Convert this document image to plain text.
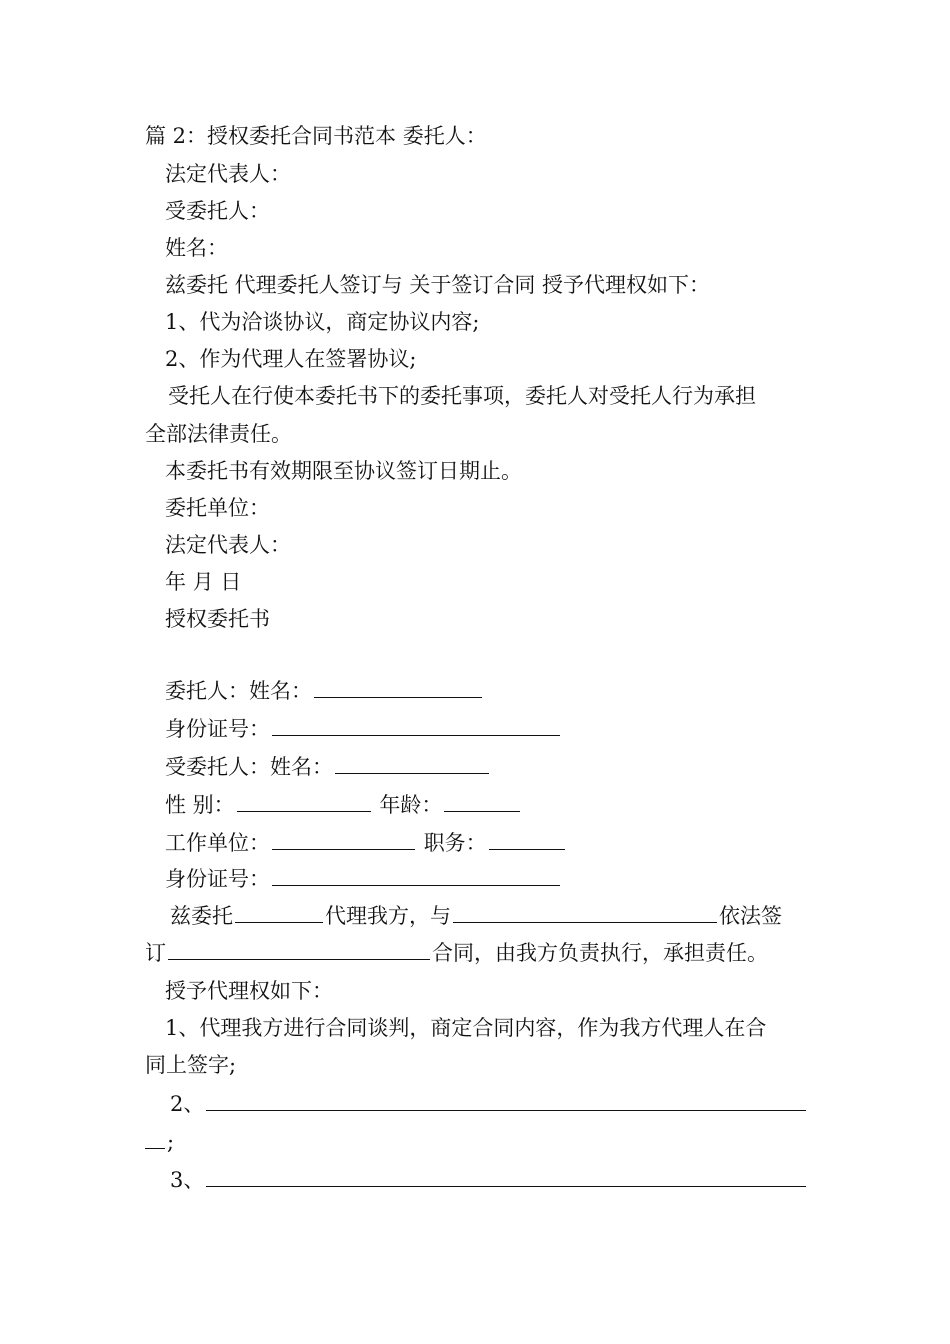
篇 2：授权委托合同书范本 委托人：
法定代表人：
受委托人：
姓名：
兹委托 代理委托人签订与 关于签订合同 授予代理权如下：
1、代为洽谈协议，商定协议内容;
2、作为代理人在签署协议;
受托人在行使本委托书下的委托事项，委托人对受托人行为承担
全部法律责任。
本委托书有效期限至协议签订日期止。
委托单位：
法定代表人：
年 月 日
授权委托书
委托人：姓名：
身份证号：
受委托人：姓名：
性 别：	年龄：
工作单位：	职务：
身份证号：
兹委托	代理我方，与	依法签
订	合同，由我方负责执行，承担责任。
授予代理权如下：
1、代理我方进行合同谈判，商定合同内容，作为我方代理人在合
同上签字;
2、
;
3、
